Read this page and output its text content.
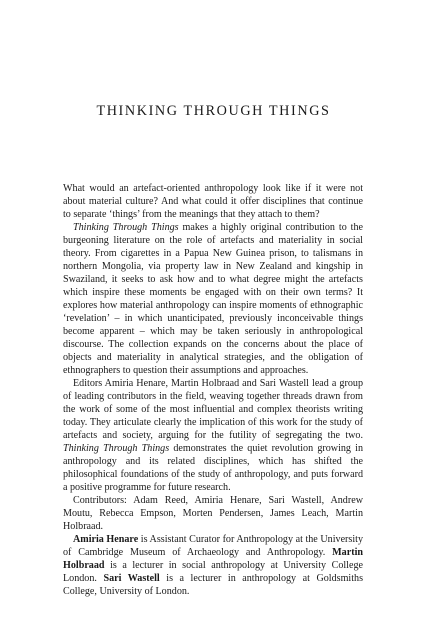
THINKING THROUGH THINGS

What would an artefact-oriented anthropology look like if it were not about material culture? And what could it offer disciplines that continue to separate ‘things’ from the meanings that they attach to them?

Thinking Through Things makes a highly original contribution to the burgeoning literature on the role of artefacts and materiality in social theory. From cigarettes in a Papua New Guinea prison, to talismans in northern Mongolia, via property law in New Zealand and kingship in Swaziland, it seeks to ask how and to what degree might the artefacts which inspire these moments be engaged with on their own terms? It explores how material anthropology can inspire moments of ethnographic ‘revelation’ – in which unanticipated, previously inconceivable things become apparent – which may be taken seriously in anthropological discourse. The collection expands on the concerns about the place of objects and materiality in analytical strategies, and the obligation of ethnographers to question their assumptions and approaches.

Editors Amiria Henare, Martin Holbraad and Sari Wastell lead a group of leading contributors in the field, weaving together threads drawn from the work of some of the most influential and complex theorists writing today. They articulate clearly the implication of this work for the study of artefacts and society, arguing for the futility of segregating the two. Thinking Through Things demonstrates the quiet revolution growing in anthropology and its related disciplines, which has shifted the philosophical foundations of the study of anthropology, and puts forward a positive programme for future research.

Contributors: Adam Reed, Amiria Henare, Sari Wastell, Andrew Moutu, Rebecca Empson, Morten Pendersen, James Leach, Martin Holbraad.

Amiria Henare is Assistant Curator for Anthropology at the University of Cambridge Museum of Archaeology and Anthropology. Martin Holbraad is a lecturer in social anthropology at University College London. Sari Wastell is a lecturer in anthropology at Goldsmiths College, University of London.
